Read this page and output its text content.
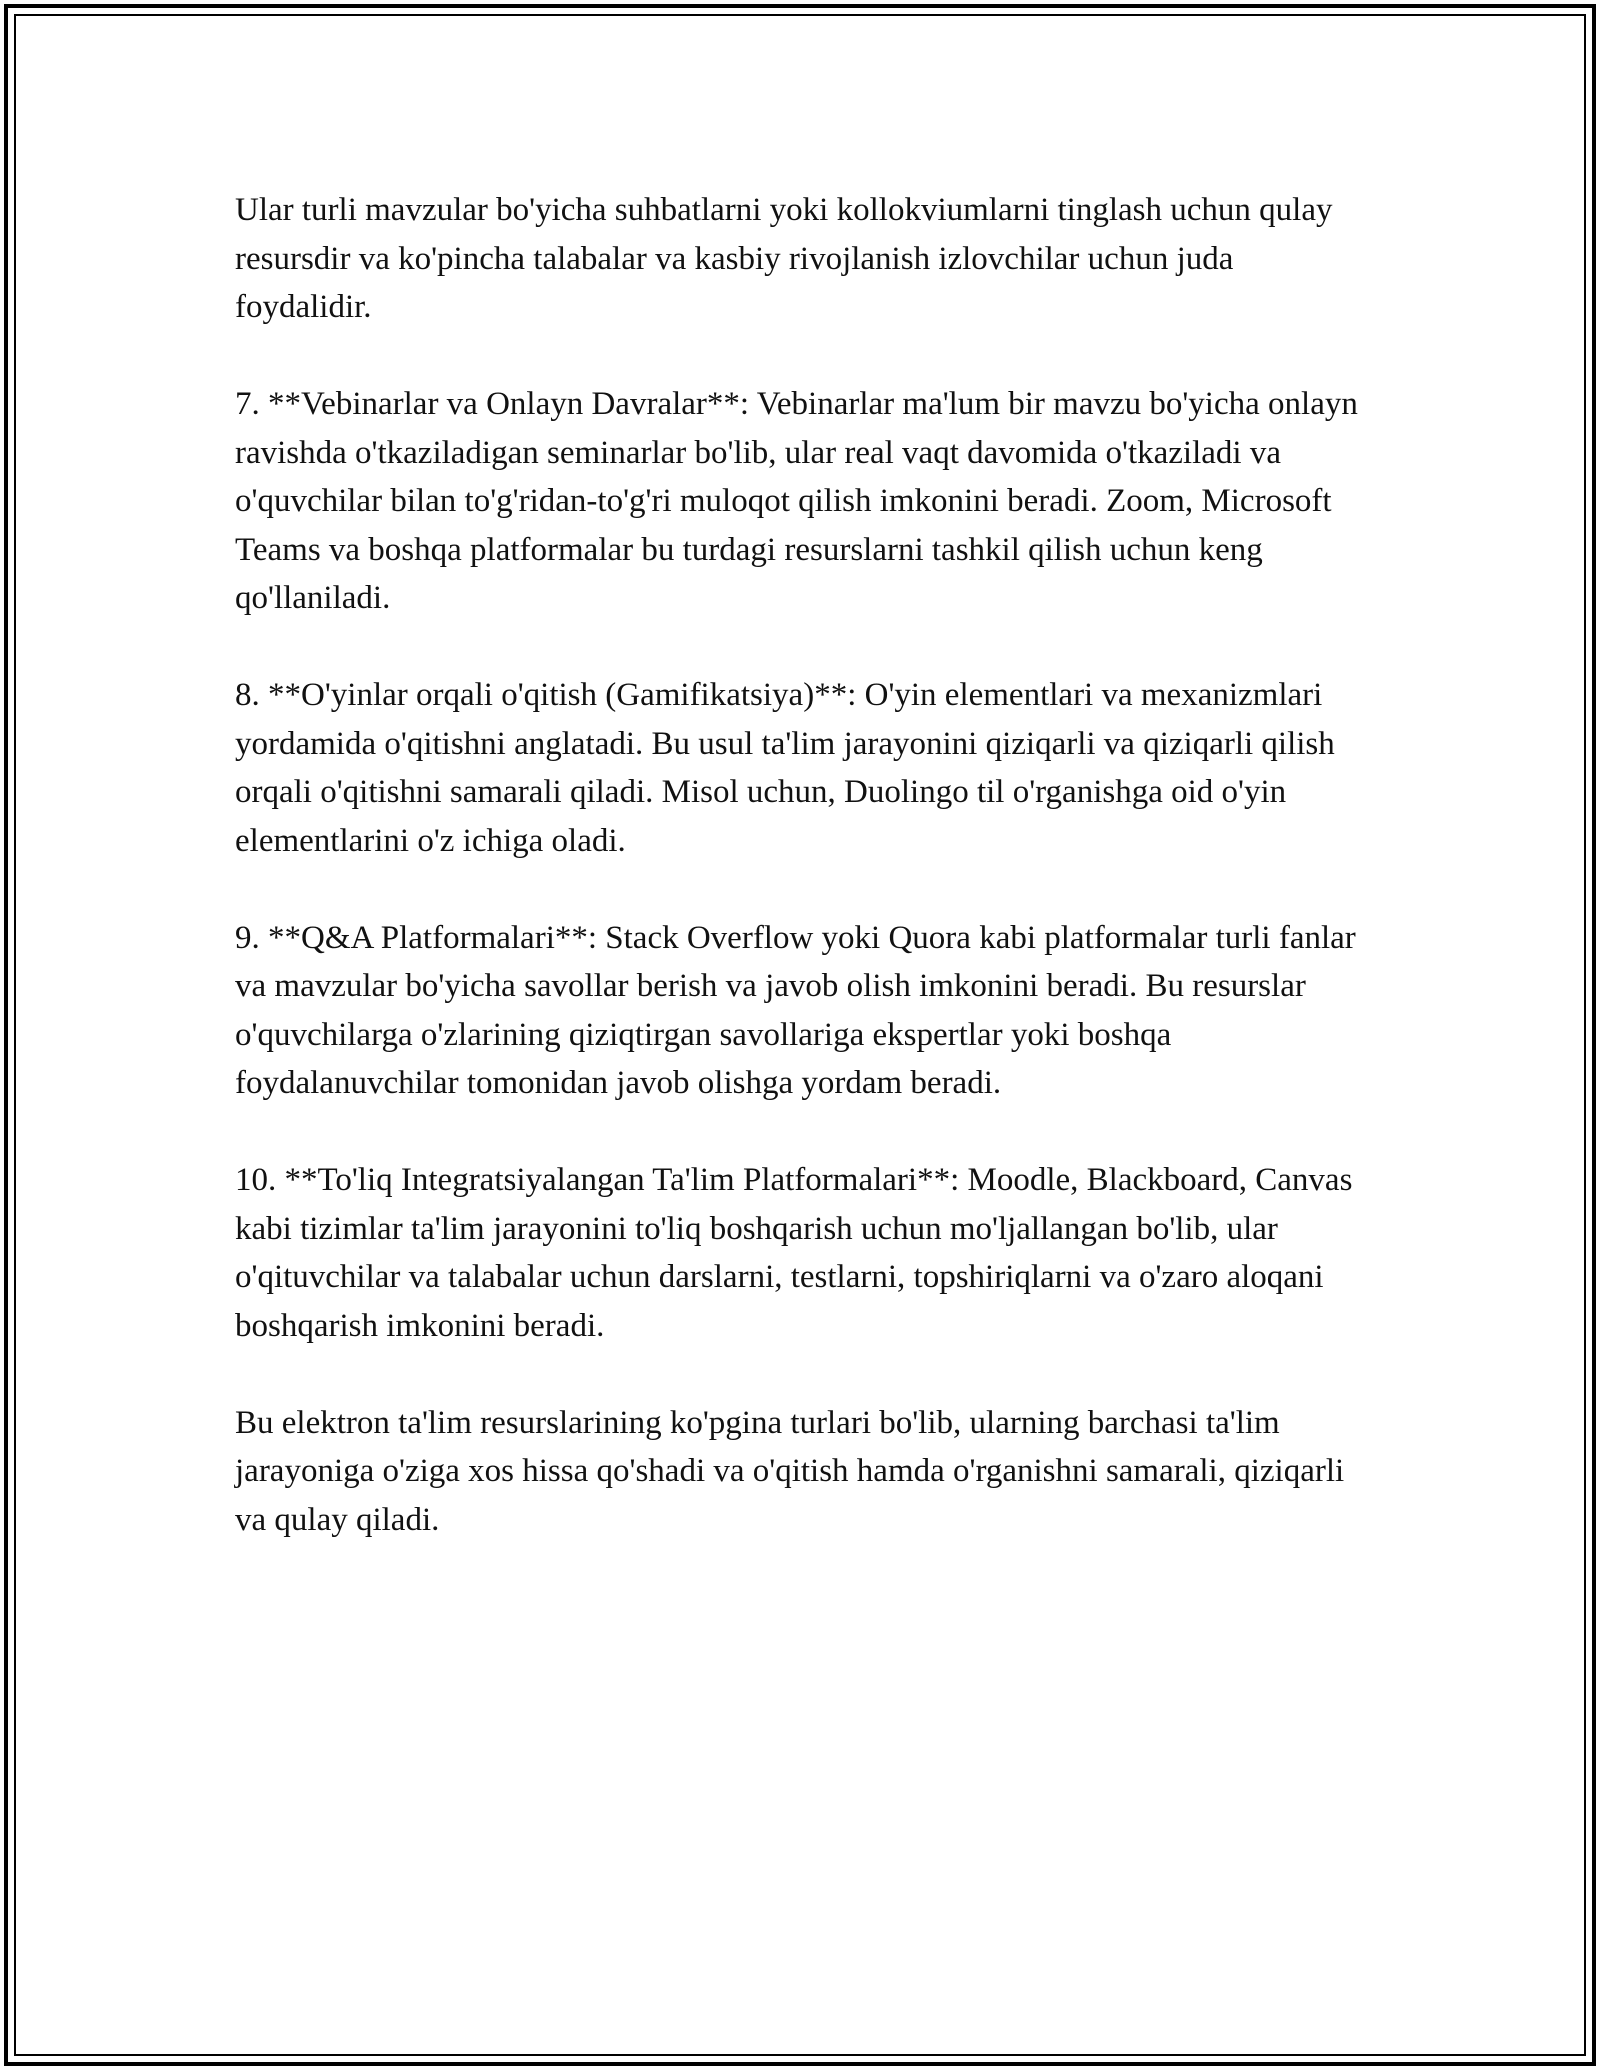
Ular turli mavzular bo'yicha suhbatlarni yoki kollokviumlarni tinglash uchun qulay resursdir va ko'pincha talabalar va kasbiy rivojlanish izlovchilar uchun juda foydalidir.

7. **Vebinarlar va Onlayn Davralar**: Vebinarlar ma'lum bir mavzu bo'yicha onlayn ravishda o'tkaziladigan seminarlar bo'lib, ular real vaqt davomida o'tkaziladi va o'quvchilar bilan to'g'ridan-to'g'ri muloqot qilish imkonini beradi. Zoom, Microsoft Teams va boshqa platformalar bu turdagi resurslarni tashkil qilish uchun keng qo'llaniladi.

8. **O'yinlar orqali o'qitish (Gamifikatsiya)**: O'yin elementlari va mexanizmlari yordamida o'qitishni anglatadi. Bu usul ta'lim jarayonini qiziqarli va qiziqarli qilish orqali o'qitishni samarali qiladi. Misol uchun, Duolingo til o'rganishga oid o'yin elementlarini o'z ichiga oladi.

9. **Q&A Platformalari**: Stack Overflow yoki Quora kabi platformalar turli fanlar va mavzular bo'yicha savollar berish va javob olish imkonini beradi. Bu resurslar o'quvchilarga o'zlarining qiziqtirgan savollariga ekspertlar yoki boshqa foydalanuvchilar tomonidan javob olishga yordam beradi.

10. **To'liq Integratsiyalangan Ta'lim Platformalari**: Moodle, Blackboard, Canvas kabi tizimlar ta'lim jarayonini to'liq boshqarish uchun mo'ljallangan bo'lib, ular o'qituvchilar va talabalar uchun darslarni, testlarni, topshiriqlarni va o'zaro aloqani boshqarish imkonini beradi.

Bu elektron ta'lim resurslarining ko'pgina turlari bo'lib, ularning barchasi ta'lim jarayoniga o'ziga xos hissa qo'shadi va o'qitish hamda o'rganishni samarali, qiziqarli va qulay qiladi.
